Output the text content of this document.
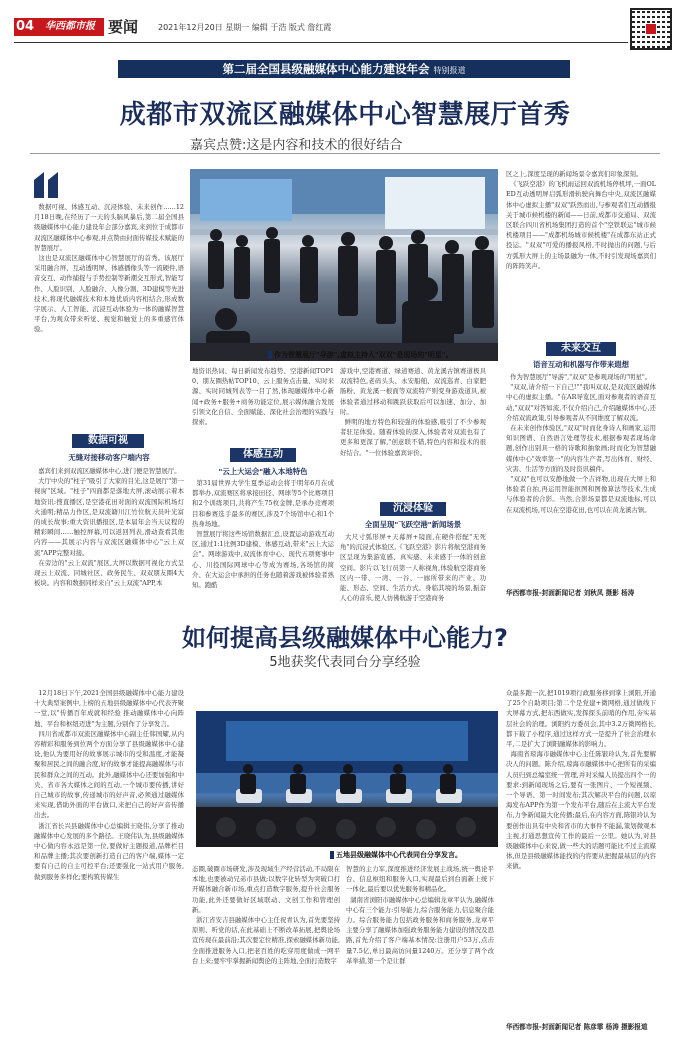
04	华西都市报 要闻 2021年12月20日 星期一 编辑 于浩 版式 詹红霞
第二届全国县级融媒体中心能力建设年会 特别报道
成都市双流区融媒体中心智慧展厅首秀
嘉宾点赞:这是内容和技术的很好结合
数据可视、体感互动、沉浸体验、未来创作……12月18日晚,在经历了一天的头脑风暴后,第二届全国县级融媒体中心能力建设年会部分嘉宾,来到位于成都市双流区融媒体中心参观,并点赞由封面传媒技术赋能的智慧展厅。
这也是双流区融媒体中心智慧展厅的首秀。该展厅采用融合屏、互动透明屏、体感播像头等一流硬件,语音交互、动作捕捉与手势控制等新潮交互形式,智能写作、人脸识别、人脸融合、人像分割、3D建模等先进技术,将现代融媒技术和本地优质内容相结合,形成数字展示、人工智能、沉浸互动体验为一体的融媒智慧平台,为观众带来听觉、视觉和触觉上的多重感官体验。
作为智慧展厅"导游",虚拟主持人"双双"是现场的"明星"。
数据可视
无缝对接移动客户端内容
嘉宾们来到双流区融媒体中心,进门便是智慧展厅。
大厅中央的"柱子"吸引了大家的目光,这是展厅"第一视窗"区域。"柱子"四面都是落地大屏,滚动展示着本地资讯:搜直播区,是空港花田对面的双流国际机场灯火通明;精品力作区,是双流籍川江竹位航天员叶光富的成长故事;重大资讯播报区,是本届年会当天议程的精彩瞬间……触控屏幕,可以返回列表,滑动查看其他内容——其展示内容与双流区融媒体中心"云上双流"APP完整对接。
在旁边的"云上双流"展区,大屏以数据可视化方式呈现云上双流、同城社区、政务民生、双双朋友圈4大板块。内容和数据同样来自"云上双流"APP,本
地资讯热词、每日新闻发布趋势、空港新闻TOP10、朋友圈热帖TOP10、云上服务点击量、实时来源、实时同城列表等一目了然,体现融媒体中心新闻+政务+服务+商务功能定位,展示媒体融合发展引领文化自信、全面赋能、深化社会治理的实践与探索。
体感互动
"云上大运会"融入本地特色
第31届世界大学生夏季运动会将于明年6月在成都举办,双流赛区将承接田径、网球等5个比赛项目和2个训练项目,共将产生75枚金牌,是承办竞赛项目和参赛选手最多的赛区,涉及7个场馆中心和1个热身场地。
智慧展厅将这些场馆数据汇总,设置运动游戏互动区,通过1:1比例3D建模、体感互动,带来"云上大运会"。网球游戏中,双流体育中心、现代五项赛事中心、川投国际网球中心等成为赛场,各场馆的简介、在大运会中承担的任务也随着游戏被体验者熟知。跑酷
游戏中,空港赛道、绿道赛道、黄龙溪古镇赛道极具双流特色,老码头头、永安船舶、双流巡青、白家肥肠粉、黄龙溪一根面等双流特产则变身游戏道具,被体验者通过移动和跳跃获取后可以加速、加分、加时。
鲜明的地方特色和较强的体验感,吸引了不少参观者驻足体验。随着体验的深入,体验者对双流也有了更多和更深了解,"创意联不错,特色内容和技术的很好结合。"一位体验嘉宾评价。
沉浸体验
全面呈现"飞跃空港"新闻场景
大尺寸弧形屏+天幕屏+镜面,在硬件搭配"无死角"的沉浸式体验区,《飞跃空港》影片将航空港商务区呈现为集游览感、真实感、未来感于一体的创意空间。影片以飞行员第一人称视角,体验航空港商务区内一带、一湾、一谷、一廊所带来的产业、功能、形态、空间、生活方式。身临其境的场景,振奋人心的音乐,使人仿佛航游于空港商务
区之上,深度呈现的新闻场景令嘉宾们印象深刻。
《飞跃空港》的飞机雨运回双流机场停机坪,一面OLED互动透明屏启弧形滑轨驶向舞台中央,双流区融媒体中心虚拟主播"双双"跃然而出,与参观者们互动播报关于城市候机楼的新闻——日前,成都市交通局、双流区联合四川省机场集团打造的首个"空铁联运"城市候机楼项目——"成都机场城市候机楼"在成都东站正式投运。"双双"可爱的播报风格,不时抛出的问题,与后方弧形大屏上的主场景融为一体,不时引发现场嘉宾们的阵阵笑声。
未来交互
语音互动和机器写作带来遐想
作为智慧展厅"导游","双双"是参观现场的"明星"。
"双双,请介绍一下自己!""我叫双双,是双流区融媒体中心的虚拟主播。"在AR导览区,面对参观者的语音互动,"双双"对答如流,不仅介绍自己,介绍融媒体中心,还介绍双流政策,引导参观者从不同维度了解双流。
在未来创作体验区,"双双"时而化身诗人和画家,运用知识图谱、自然语言处理等技术,根据参观者现场命题,创作出别具一格的诗歌和抽象画;时而化为智慧融媒体中心"效率第一"的内容生产者,写出体育、财经、灾害、生活等方面的及时资讯稿件。
"双双"也可以安静地做一个吉祥物,出现在大屏上和体验者自拍,再运用智能抠图和图像算法等技术,生成与体验者的合影。当然,合影场景都是双流地标,可以在双流机场,可以在空港花田,也可以在黄龙溪古镇。
华西都市报-封面新闻记者 刘秋凤 摄影 杨涛
如何提高县级融媒体中心能力?
5地获奖代表同台分享经验
12月18日下午,2021全国县级融媒体中心能力建设十大典型案例中,上榜的五地县级融媒体中心代表齐聚一堂,以"传播百年成就和经验 推动融媒体中心向阵地、平台和枢纽迈进"为主题,分别作了分享发言。
四川省成都市双流区融媒体中心副主任韩国耀,从内容精彩和服务到位两个方面分享了县级融媒体中心建设,他认为要用好的故事展示城市的受和温度,才能凝聚和居民之间的融合度,好的故事才能提高融媒体与市民和群众之间的互动。此外,融媒体中心还要加强和中央、省市各大媒体之间的互动,一个城市要传播,讲好自己城市的故事,传递城市的好声音,必须通过融媒体来实现,借助外面的平台做口,来把自己的好声音传播出去。
浙江省长兴县融媒体中心总编辑王晓伟,分享了推动融媒体中心发展的多个路径。王晓伟认为,县级融媒体中心做内容永远是第一位,要做好主题报道,品牌栏目和品牌主播;其次要创新打造自己的客户端,媒体一定要有自己的自主可控平台;还要强化一站式用户服务,做到服务多样化;要构筑传媒生
五地县级融媒体中心代表同台分享发言。
态圈,破圈市场研发,涉及现域生产经营活动,不局限在本地,也要被动兄弟市县做;以数字化转型为突破口打开媒体融合新市场,重点打造数字服务,提升社会服务功能,此外还要做好区域联动、文创工作和管理创新。
浙江省安吉县融媒体中心主任祝青认为,首先要坚持原则、听党的话,在此基础上不断改革拓展,把舆论场宣传现在最前沿;其次要定位精准,探索融媒体新功能,全面推进服务入口,把老百姓的吃穿用度做成一网平台上来;要牢牢掌握新闻舆论的主阵地,全面打造数字
智慧的主力军,深度推进经济发展主战场,统一舆论平台、信息枢纽和服务入口,实现最后到台面新上统下一体化,最后要以优先服务和精品化。
湖南省浏阳市融媒体中心总编辑龙章平认为,融媒体中心有三个能力:引导能力,综合服务能力,信息聚合能力。综合服务能力包括政务服务和商务服务,龙章平主要分享了融媒体加强政务服务能力建设的情况及思路,首先介绍了客户端基本情况:注册用户53万,点击量7.5亿,单日最高访问量1240万。还分享了两个改革举措,第一个是让群
众最多跑一次,把1019项行政服务移到掌上浏阳,开通了25个自助项目;第二个是党建+微网格,通过做线下大屏幕方式,把东西做实,发挥探头前哨的作用,夯实基层社会的治理。浏阳约方委员会,其中3.2万微网格长,都下载了小程序,通过这样方式一是提升了社会治理水平,二是扩大了浏阳融媒体的影响力。
海南省琼海市融媒体中心主任陈银玲认为,首先要解决人的问题。陈介绍,琼海市融媒体中心把所有的采编人员归到总编室统一管理,并对采编人员提出四个一的要求:到新闻现场之后,要有一张图片、一个短视频、一个导语、第一时间发布;其次解决平台的问题,以琼海发布APP作为第一个发布平台,随后在主流大平台发布,力争新闻最大化传播;最后,在内容方面,陈银玲认为要创作出具有中央和省市的大事件不能漏,策划微观本主视,打通思想宣传工作的最后一公里。她认为,对县级融媒体中心来说,做一些大的话题可能比不过主流媒体,但是县级融媒体能找的内容要从把握最基层的内容来做。
华西都市报-封面新闻记者 陈彦霏 杨涛 摄影报道
